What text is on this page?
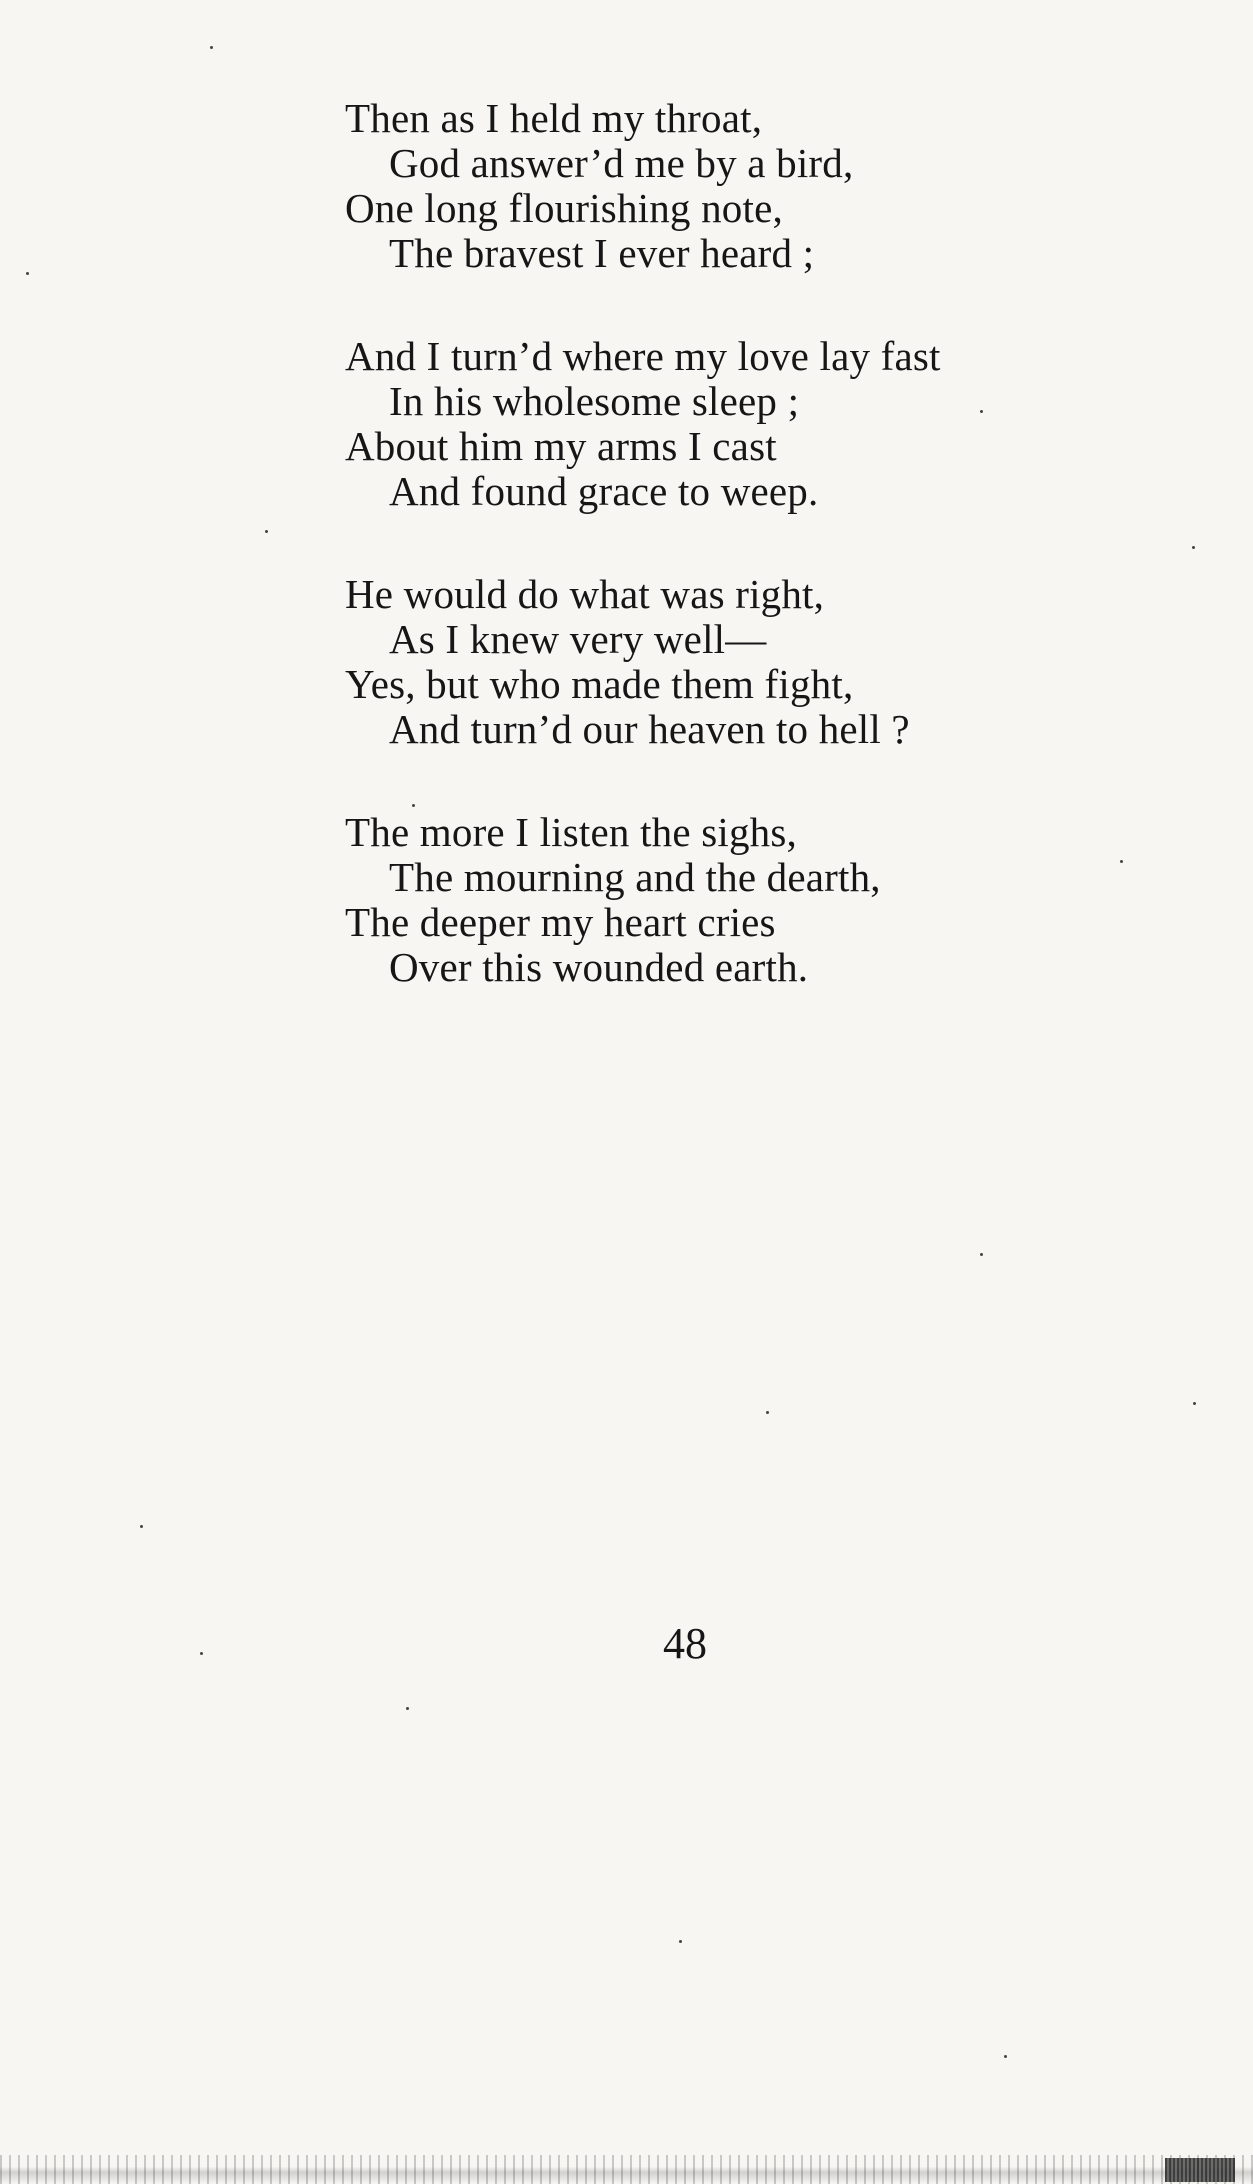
Then as I held my throat,
God answer’d me by a bird,
One long flourishing note,
The bravest I ever heard ;
And I turn’d where my love lay fast
In his wholesome sleep ;
About him my arms I cast
And found grace to weep.
He would do what was right,
As I knew very well—
Yes, but who made them fight,
And turn’d our heaven to hell ?
The more I listen the sighs,
The mourning and the dearth,
The deeper my heart cries
Over this wounded earth.
48
